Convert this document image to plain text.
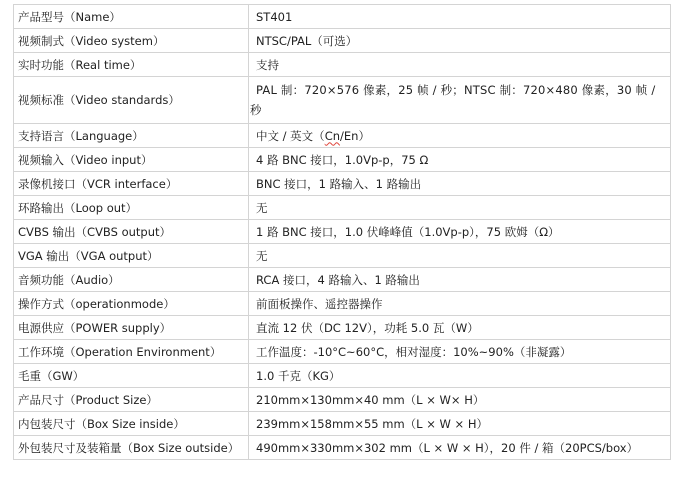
产品型号（Name）	ST401
视频制式（Video system）	NTSC/PAL（可选）
实时功能（Real time）	支持
视频标准（Video standards）	PAL 制：720×576 像素，25 帧 / 秒；NTSC 制：720×480 像素，30 帧 / 秒
支持语言（Language）	中文 / 英文（Cn/En）
视频输入（Video input）	4 路 BNC 接口，1.0Vp-p，75 Ω
录像机接口（VCR interface）	BNC 接口，1 路输入、1 路输出
环路输出（Loop out）	无
CVBS 输出（CVBS output）	1 路 BNC 接口，1.0 伏峰峰值（1.0Vp-p），75 欧姆（Ω）
VGA 输出（VGA output）	无
音频功能（Audio）	RCA 接口，4 路输入、1 路输出
操作方式（operationmode）	前面板操作、遥控器操作
电源供应（POWER supply）	直流 12 伏（DC 12V），功耗 5.0 瓦（W）
工作环境（Operation Environment）	工作温度：-10°C~60°C，相对湿度：10%~90%（非凝露）
毛重（GW）	1.0 千克（KG）
产品尺寸（Product Size）	210mm×130mm×40 mm（L × W× H）
内包装尺寸（Box Size inside）	239mm×158mm×55 mm（L × W × H）
外包装尺寸及装箱量（Box Size outside）	490mm×330mm×302 mm（L × W × H），20 件 / 箱（20PCS/box）
